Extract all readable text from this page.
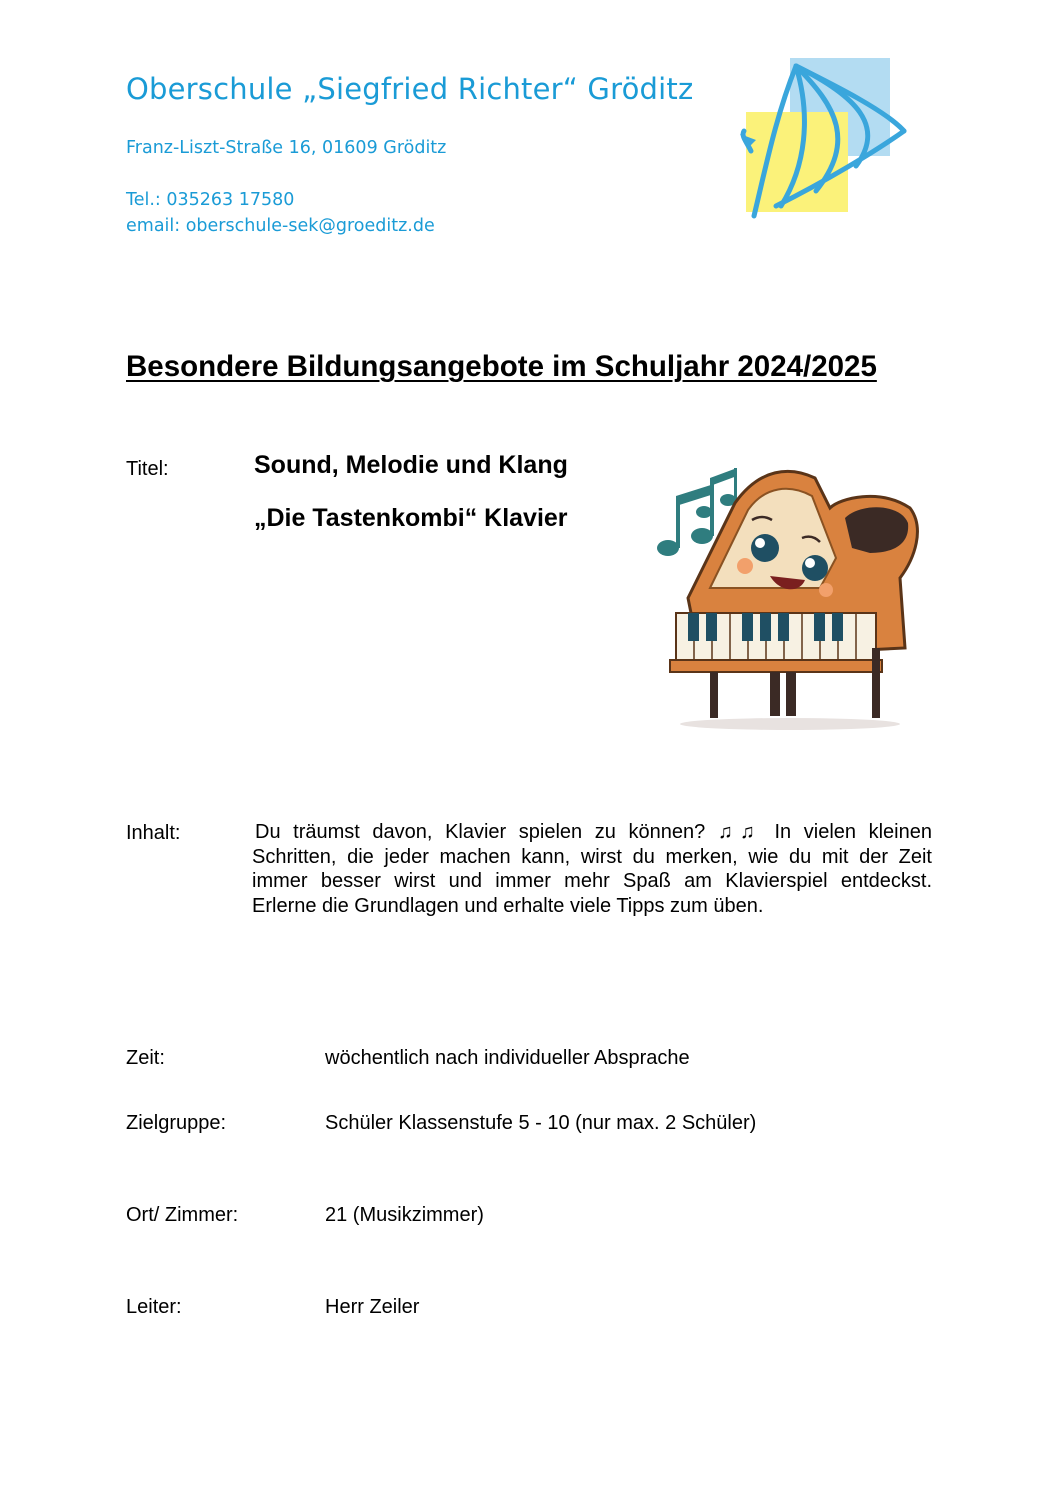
Oberschule „Siegfried Richter“ Gröditz
Franz-Liszt-Straße 16, 01609 Gröditz
Tel.: 035263 17580
email: oberschule-sek@groeditz.de
Besondere Bildungsangebote im Schuljahr 2024/2025
Titel:	Sound, Melodie und Klang
„Die Tastenkombi“ Klavier
Inhalt:	Du träumst davon, Klavier spielen zu können? ♫♫ In vielen kleinen Schritten, die jeder machen kann, wirst du merken, wie du mit der Zeit immer besser wirst und immer mehr Spaß am Klavierspiel entdeckst. Erlerne die Grundlagen und erhalte viele Tipps zum üben.
Zeit:	wöchentlich nach individueller Absprache
Zielgruppe:	Schüler Klassenstufe 5 - 10 (nur max. 2 Schüler)
Ort/ Zimmer:	21 (Musikzimmer)
Leiter:	Herr Zeiler
